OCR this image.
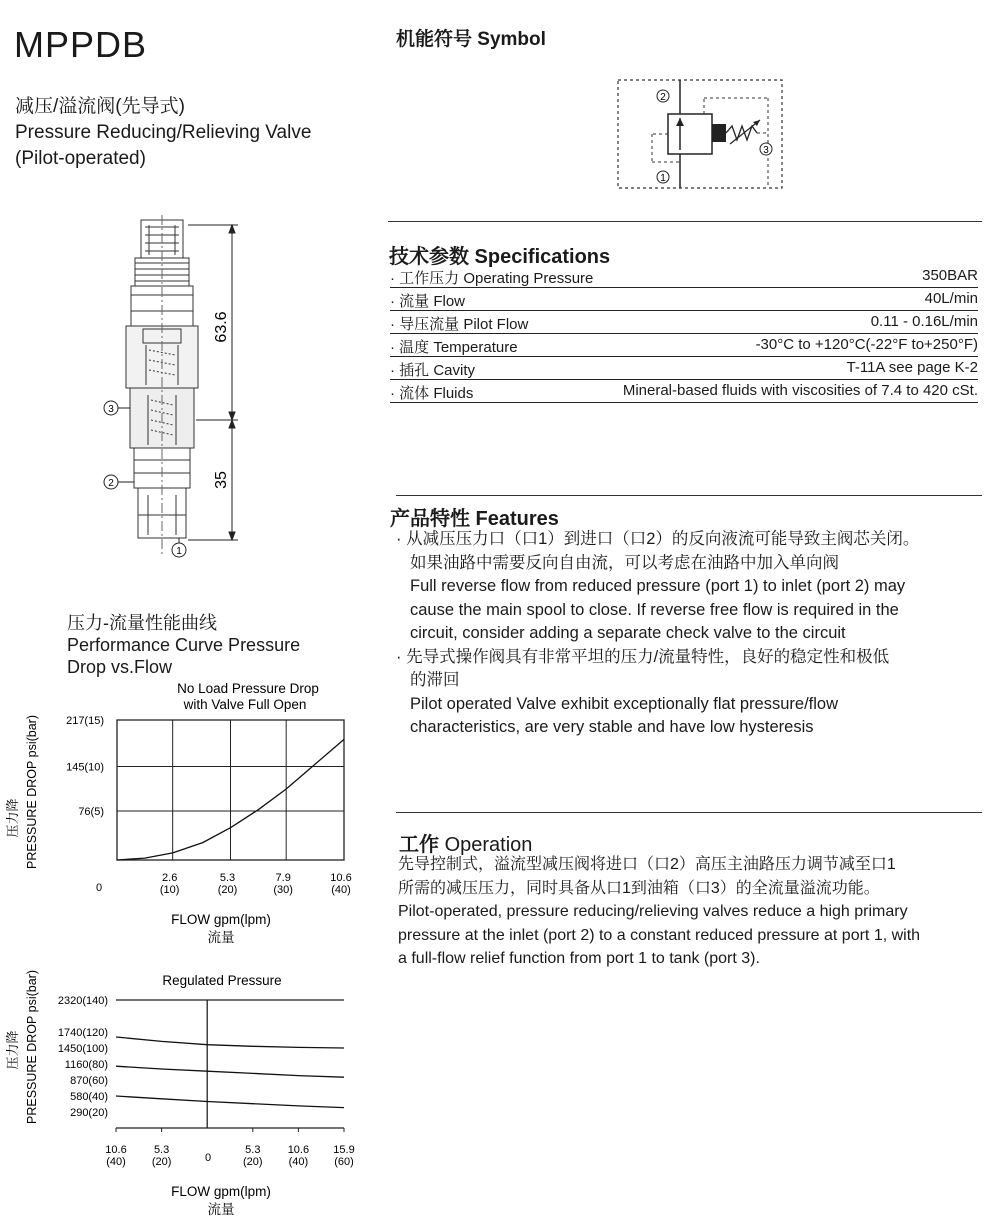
MPPDB
减压/溢流阀(先导式)
Pressure Reducing/Relieving Valve
(Pilot-operated)
机能符号 Symbol
2
1
3
63.6
35
3
2
1
技术参数 Specifications
· 工作压力 Operating Pressure	350BAR
· 流量 Flow	40L/min
· 导压流量 Pilot Flow	0.11 - 0.16L/min
· 温度 Temperature	-30°C to +120°C(-22°F to+250°F)
· 插孔 Cavity	T-11A see page K-2
· 流体 Fluids	Mineral-based fluids with viscosities of 7.4 to 420 cSt.
产品特性 Features

· 从减压压力口（口1）到进口（口2）的反向液流可能导致主阀芯关闭。

如果油路中需要反向自由流，可以考虑在油路中加入单向阀

Full reverse flow from reduced pressure (port 1) to inlet (port 2) may

cause the main spool to close. If reverse free flow is required in the

circuit, consider adding a separate check valve to the circuit

· 先导式操作阀具有非常平坦的压力/流量特性，良好的稳定性和极低

的滞回

Pilot operated Valve exhibit exceptionally flat pressure/flow

characteristics, are very stable and have low hysteresis

工作 Operation

先导控制式，溢流型减压阀将进口（口2）高压主油路压力调节减至口1

所需的减压压力，同时具备从口1到油箱（口3）的全流量溢流功能。

Pilot-operated, pressure reducing/relieving valves reduce a high primary

pressure at the inlet (port 2) to a constant reduced pressure at port 1, with

a full-flow relief function from port 1 to tank (port 3).

压力-流量性能曲线
Performance Curve Pressure
Drop vs.Flow
No Load Pressure Drop
with Valve Full Open
2.6
(10)
5.3
(20)
7.9
(30)
10.6
(40)
76(5)
145(10)
217(15)
压力降 PRESSURE DROP psi(bar)
FLOW gpm(lpm)
流量
0
Regulated Pressure
10.6
(40)
5.3
(20)
5.3
(20)
10.6
(40)
15.9
(60)
290(20)
580(40)
870(60)
1160(80)
1450(100)
1740(120)
2320(140)
压力降 PRESSURE DROP psi(bar)
FLOW gpm(lpm)
流量
0
